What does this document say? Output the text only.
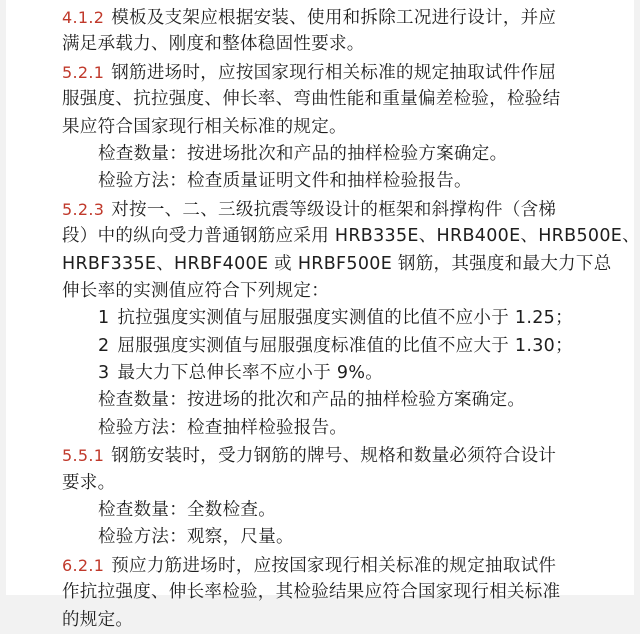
4.1.2 模板及支架应根据安装、使用和拆除工况进行设计，并应
满足承载力、刚度和整体稳固性要求。
5.2.1 钢筋进场时，应按国家现行相关标准的规定抽取试件作屈
服强度、抗拉强度、伸长率、弯曲性能和重量偏差检验，检验结
果应符合国家现行相关标准的规定。
检查数量：按进场批次和产品的抽样检验方案确定。
检验方法：检查质量证明文件和抽样检验报告。
5.2.3 对按一、二、三级抗震等级设计的框架和斜撑构件（含梯
段）中的纵向受力普通钢筋应采用 HRB335E、HRB400E、HRB500E、
HRBF335E、HRBF400E 或 HRBF500E 钢筋，其强度和最大力下总
伸长率的实测值应符合下列规定：
1 抗拉强度实测值与屈服强度实测值的比值不应小于 1.25；
2 屈服强度实测值与屈服强度标准值的比值不应大于 1.30；
3 最大力下总伸长率不应小于 9%。
检查数量：按进场的批次和产品的抽样检验方案确定。
检验方法：检查抽样检验报告。
5.5.1 钢筋安装时，受力钢筋的牌号、规格和数量必须符合设计
要求。
检查数量：全数检查。
检验方法：观察，尺量。
6.2.1 预应力筋进场时，应按国家现行相关标准的规定抽取试件
作抗拉强度、伸长率检验，其检验结果应符合国家现行相关标准
的规定。
